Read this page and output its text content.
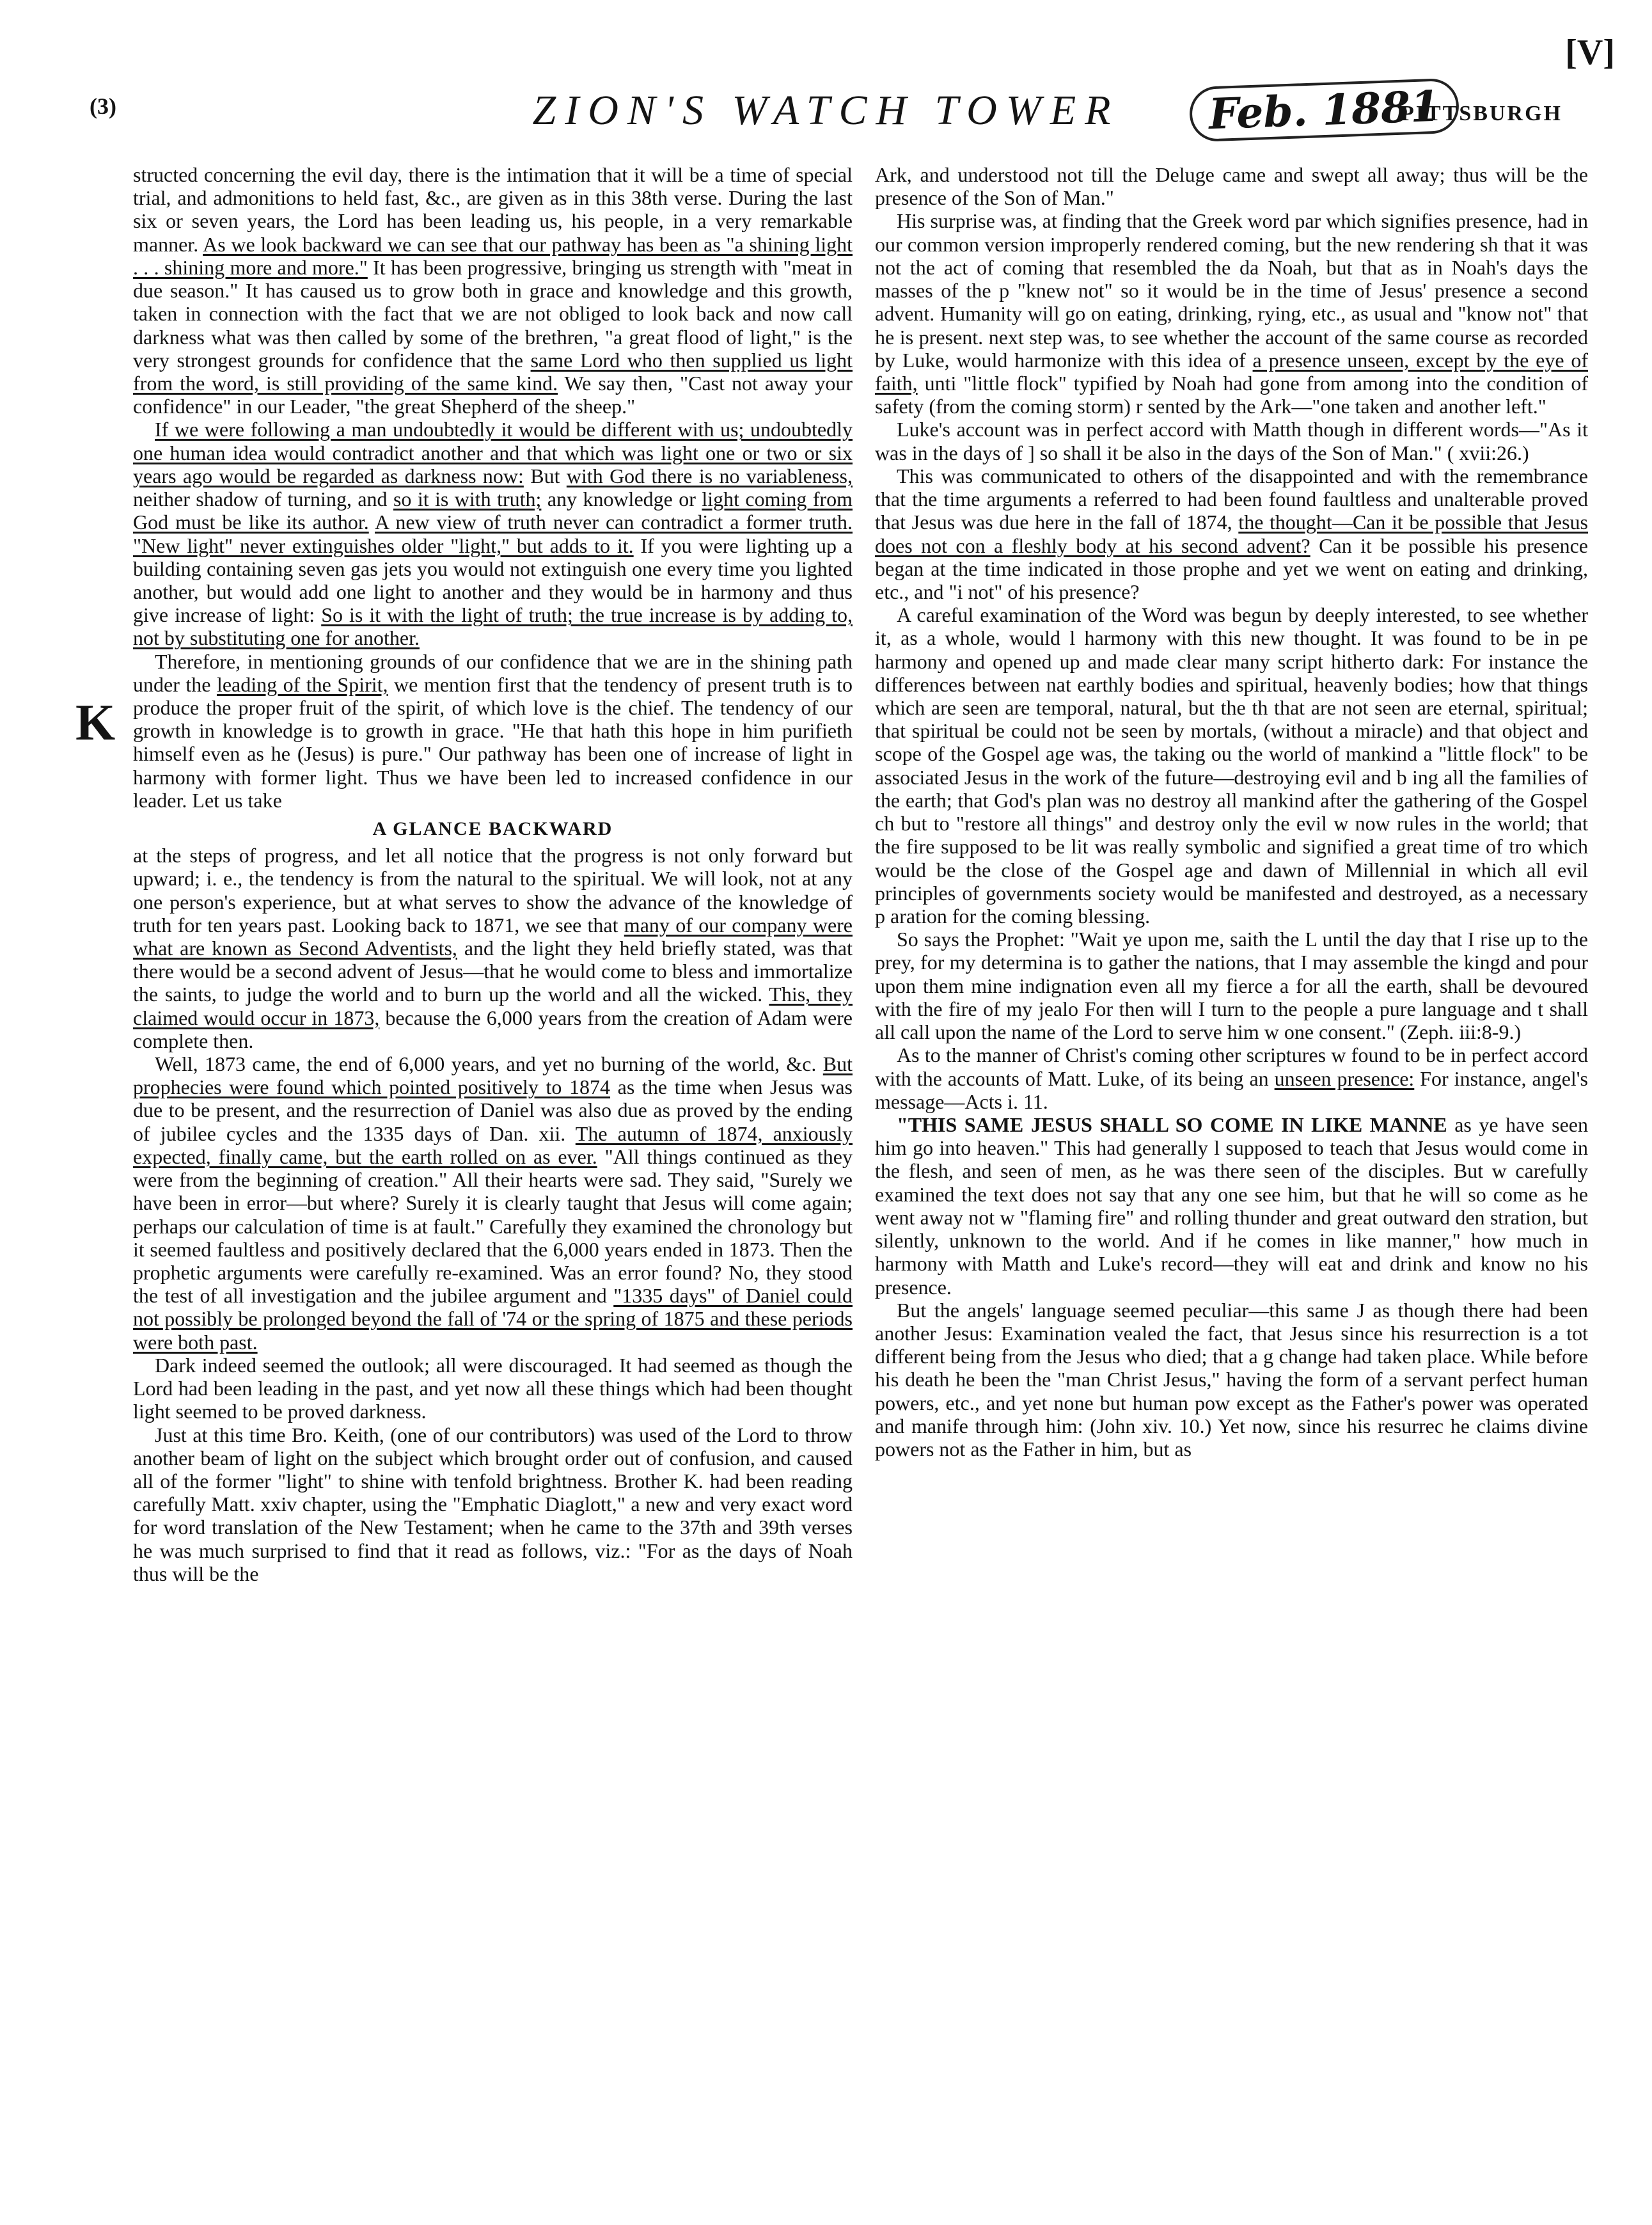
[V]
(3)	ZION'S WATCH TOWER	Feb. 1881
PITTSBURGH
K

structed concerning the evil day, there is the intimation that it will be a time of special trial, and admonitions to held fast, &c., are given as in this 38th verse. During the last six or seven years, the Lord has been leading us, his people, in a very remarkable manner. As we look backward we can see that our pathway has been as "a shining light . . . shining more and more." It has been progressive, bringing us strength with "meat in due season." It has caused us to grow both in grace and knowledge and this growth, taken in connection with the fact that we are not obliged to look back and now call darkness what was then called by some of the brethren, "a great flood of light," is the very strongest grounds for confidence that the same Lord who then supplied us light from the word, is still providing of the same kind. We say then, "Cast not away your confidence" in our Leader, "the great Shepherd of the sheep."

If we were following a man undoubtedly it would be different with us; undoubtedly one human idea would contradict another and that which was light one or two or six years ago would be regarded as darkness now: But with God there is no variableness, neither shadow of turning, and so it is with truth; any knowledge or light coming from God must be like its author. A new view of truth never can contradict a former truth. "New light" never extinguishes older "light," but adds to it. If you were lighting up a building containing seven gas jets you would not extinguish one every time you lighted another, but would add one light to another and they would be in harmony and thus give increase of light: So is it with the light of truth; the true increase is by adding to, not by substituting one for another.

Therefore, in mentioning grounds of our confidence that we are in the shining path under the leading of the Spirit, we mention first that the tendency of present truth is to produce the proper fruit of the spirit, of which love is the chief. The tendency of our growth in knowledge is to growth in grace. "He that hath this hope in him purifieth himself even as he (Jesus) is pure." Our pathway has been one of increase of light in harmony with former light. Thus we have been led to increased confidence in our leader. Let us take

A GLANCE BACKWARD

at the steps of progress, and let all notice that the progress is not only forward but upward; i. e., the tendency is from the natural to the spiritual. We will look, not at any one person's experience, but at what serves to show the advance of the knowledge of truth for ten years past. Looking back to 1871, we see that many of our company were what are known as Second Adventists, and the light they held briefly stated, was that there would be a second advent of Jesus—that he would come to bless and immortalize the saints, to judge the world and to burn up the world and all the wicked. This, they claimed would occur in 1873, because the 6,000 years from the creation of Adam were complete then.

Well, 1873 came, the end of 6,000 years, and yet no burning of the world, &c. But prophecies were found which pointed positively to 1874 as the time when Jesus was due to be present, and the resurrection of Daniel was also due as proved by the ending of jubilee cycles and the 1335 days of Dan. xii. The autumn of 1874, anxiously expected, finally came, but the earth rolled on as ever. "All things continued as they were from the beginning of creation." All their hearts were sad. They said, "Surely we have been in error—but where? Surely it is clearly taught that Jesus will come again; perhaps our calculation of time is at fault." Carefully they examined the chronology but it seemed faultless and positively declared that the 6,000 years ended in 1873. Then the prophetic arguments were carefully re-examined. Was an error found? No, they stood the test of all investigation and the jubilee argument and "1335 days" of Daniel could not possibly be prolonged beyond the fall of '74 or the spring of 1875 and these periods were both past.

Dark indeed seemed the outlook; all were discouraged. It had seemed as though the Lord had been leading in the past, and yet now all these things which had been thought light seemed to be proved darkness.

Just at this time Bro. Keith, (one of our contributors) was used of the Lord to throw another beam of light on the subject which brought order out of confusion, and caused all of the former "light" to shine with tenfold brightness. Brother K. had been reading carefully Matt. xxiv chapter, using the "Emphatic Diaglott," a new and very exact word for word translation of the New Testament; when he came to the 37th and 39th verses he was much surprised to find that it read as follows, viz.: "For as the days of Noah thus will be the

Ark, and understood not till the Deluge came and swept all away; thus will be the presence of the Son of Man."

His surprise was, at finding that the Greek word par which signifies presence, had in our common version improperly rendered coming, but the new rendering sh that it was not the act of coming that resembled the da Noah, but that as in Noah's days the masses of the p "knew not" so it would be in the time of Jesus' presence a second advent. Humanity will go on eating, drinking, rying, etc., as usual and "know not" that he is present. next step was, to see whether the account of the same course as recorded by Luke, would harmonize with this idea of a presence unseen, except by the eye of faith, unti "little flock" typified by Noah had gone from among into the condition of safety (from the coming storm) r sented by the Ark—"one taken and another left."

Luke's account was in perfect accord with Matth though in different words—"As it was in the days of ] so shall it be also in the days of the Son of Man." ( xvii:26.)

This was communicated to others of the disappointed and with the remembrance that the time arguments a referred to had been found faultless and unalterable proved that Jesus was due here in the fall of 1874, the thought—Can it be possible that Jesus does not con a fleshly body at his second advent? Can it be possible his presence began at the time indicated in those prophe and yet we went on eating and drinking, etc., and "i not" of his presence?

A careful examination of the Word was begun by deeply interested, to see whether it, as a whole, would l harmony with this new thought. It was found to be in pe harmony and opened up and made clear many script hitherto dark: For instance the differences between nat earthly bodies and spiritual, heavenly bodies; how that things which are seen are temporal, natural, but the th that are not seen are eternal, spiritual; that spiritual be could not be seen by mortals, (without a miracle) and that object and scope of the Gospel age was, the taking ou the world of mankind a "little flock" to be associated Jesus in the work of the future—destroying evil and b ing all the families of the earth; that God's plan was no destroy all mankind after the gathering of the Gospel ch but to "restore all things" and destroy only the evil w now rules in the world; that the fire supposed to be lit was really symbolic and signified a great time of tro which would be the close of the Gospel age and dawn of Millennial in which all evil principles of governments society would be manifested and destroyed, as a necessary p aration for the coming blessing.

So says the Prophet: "Wait ye upon me, saith the L until the day that I rise up to the prey, for my determina is to gather the nations, that I may assemble the kingd and pour upon them mine indignation even all my fierce a for all the earth, shall be devoured with the fire of my jealo For then will I turn to the people a pure language and t shall all call upon the name of the Lord to serve him w one consent." (Zeph. iii:8-9.)

As to the manner of Christ's coming other scriptures w found to be in perfect accord with the accounts of Matt. Luke, of its being an unseen presence: For instance, angel's message—Acts i. 11.

"THIS SAME JESUS SHALL SO COME IN LIKE MANNE as ye have seen him go into heaven." This had generally l supposed to teach that Jesus would come in the flesh, and seen of men, as he was there seen of the disciples. But w carefully examined the text does not say that any one see him, but that he will so come as he went away not w "flaming fire" and rolling thunder and great outward den stration, but silently, unknown to the world. And if he comes in like manner," how much in harmony with Matth and Luke's record—they will eat and drink and know no his presence.

But the angels' language seemed peculiar—this same J as though there had been another Jesus: Examination vealed the fact, that Jesus since his resurrection is a tot different being from the Jesus who died; that a g change had taken place. While before his death he been the "man Christ Jesus," having the form of a servant perfect human powers, etc., and yet none but human pow except as the Father's power was operated and manife through him: (John xiv. 10.) Yet now, since his resurrec he claims divine powers not as the Father in him, but as
